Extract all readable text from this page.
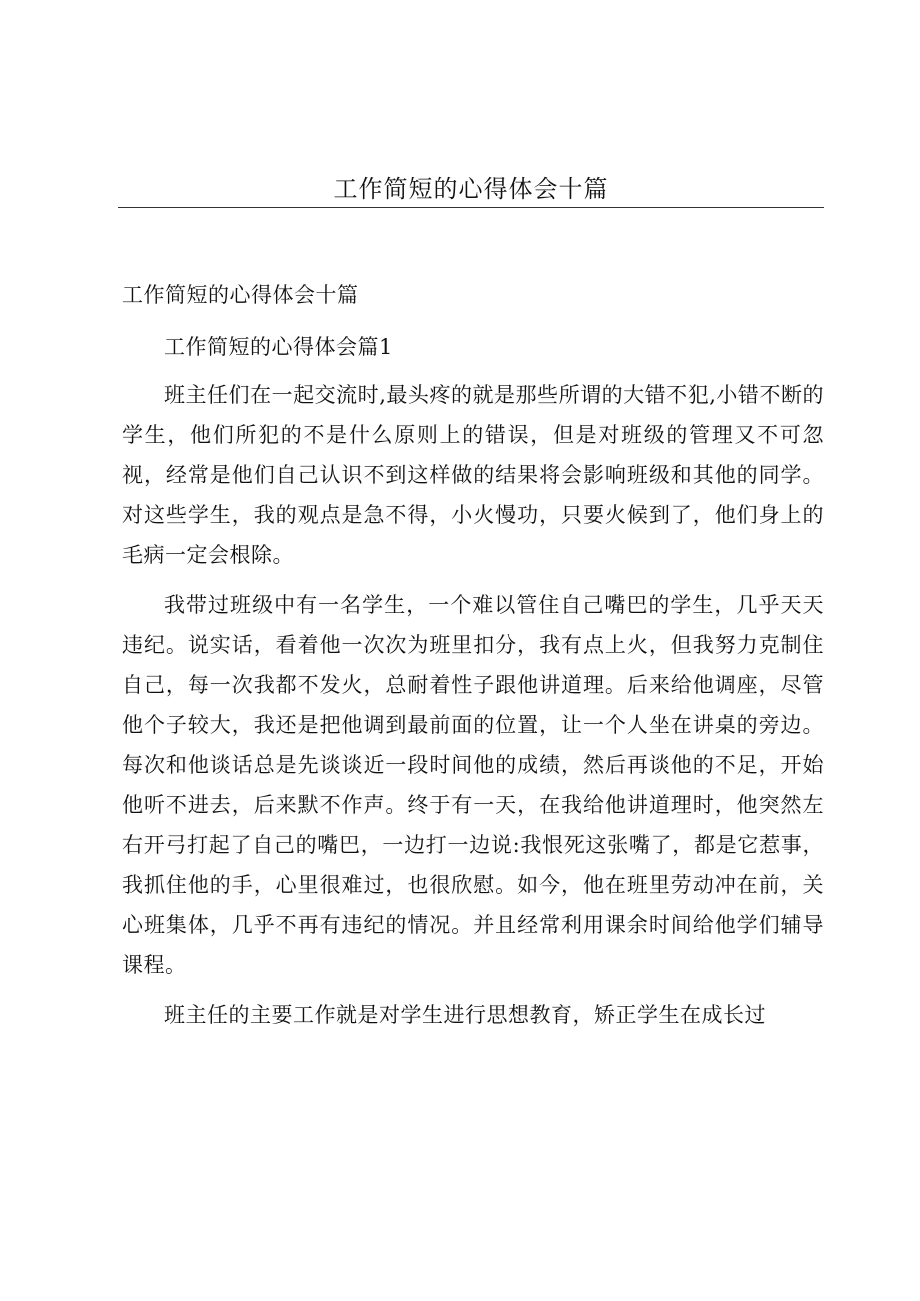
工作简短的心得体会十篇

工作简短的心得体会十篇

工作简短的心得体会篇1

班主任们在一起交流时,最头疼的就是那些所谓的大错不犯,小错不断的学生，他们所犯的不是什么原则上的错误，但是对班级的管理又不可忽视，经常是他们自己认识不到这样做的结果将会影响班级和其他的同学。对这些学生，我的观点是急不得，小火慢功，只要火候到了，他们身上的毛病一定会根除。

我带过班级中有一名学生，一个难以管住自己嘴巴的学生，几乎天天违纪。说实话，看着他一次次为班里扣分，我有点上火，但我努力克制住自己，每一次我都不发火，总耐着性子跟他讲道理。后来给他调座，尽管他个子较大，我还是把他调到最前面的位置，让一个人坐在讲桌的旁边。每次和他谈话总是先谈谈近一段时间他的成绩，然后再谈他的不足，开始他听不进去，后来默不作声。终于有一天，在我给他讲道理时，他突然左右开弓打起了自己的嘴巴，一边打一边说:我恨死这张嘴了，都是它惹事，我抓住他的手，心里很难过，也很欣慰。如今，他在班里劳动冲在前，关心班集体，几乎不再有违纪的情况。并且经常利用课余时间给他学们辅导课程。

班主任的主要工作就是对学生进行思想教育，矫正学生在成长过
